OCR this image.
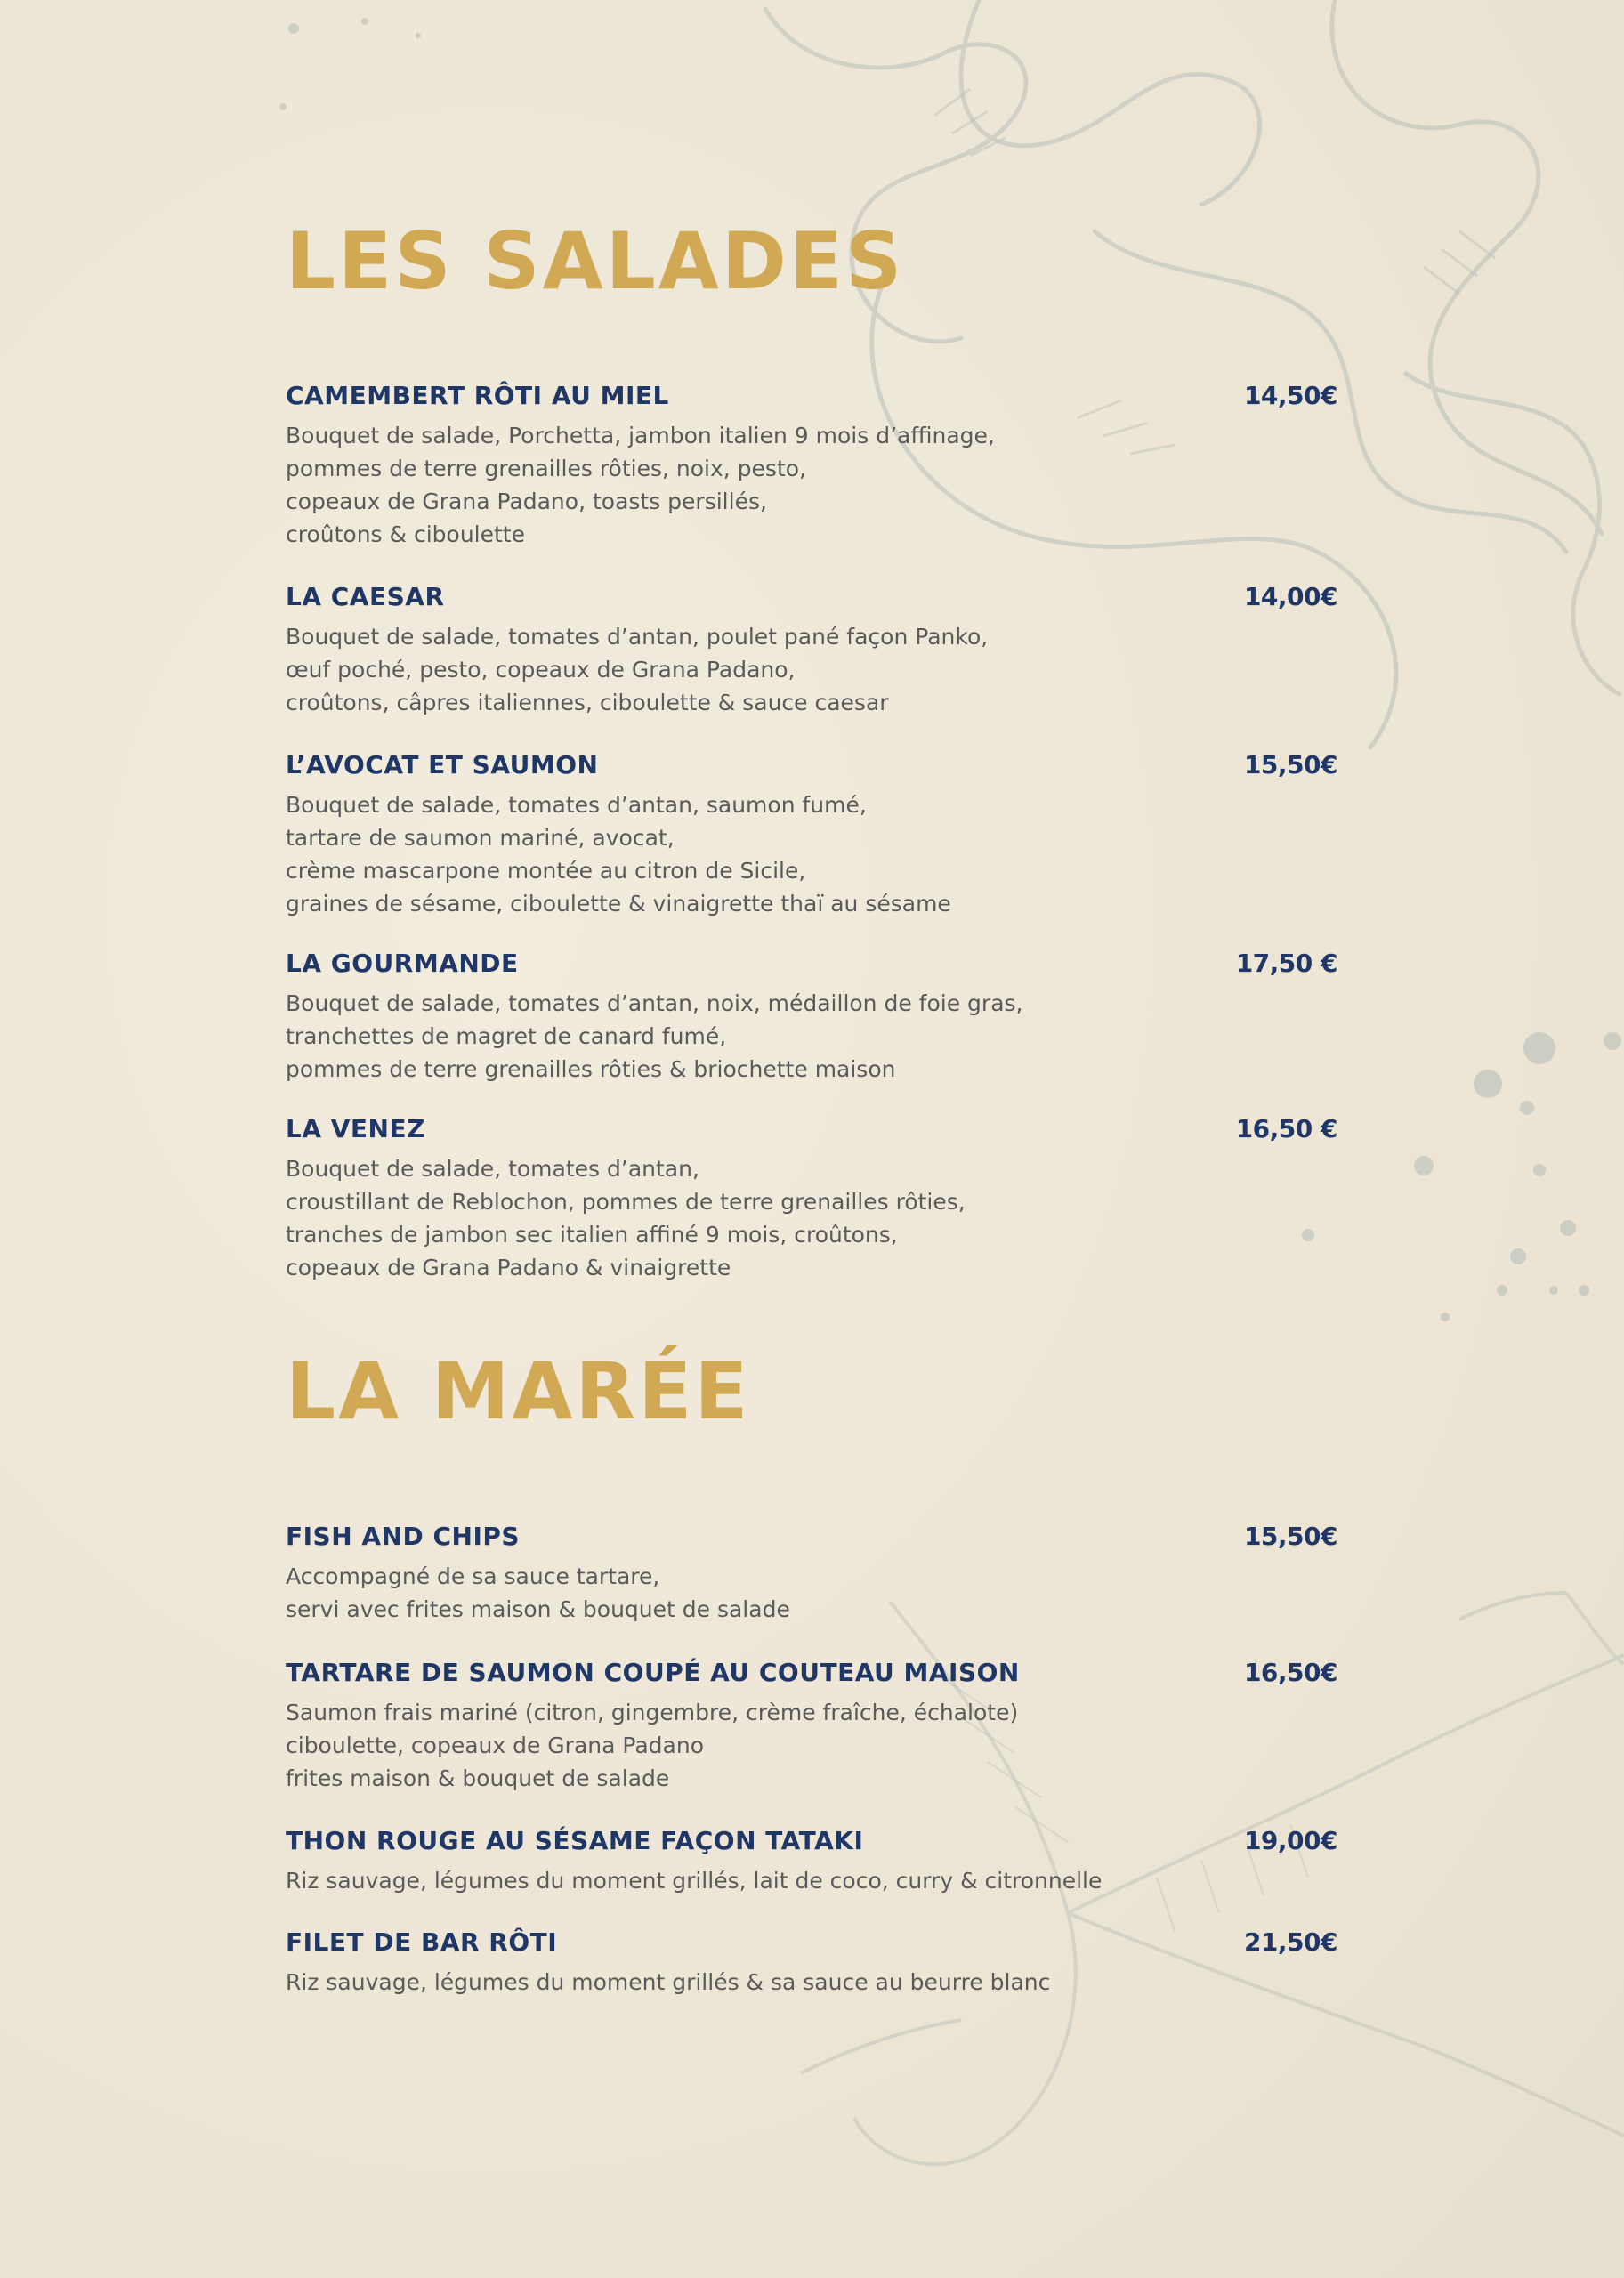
LES SALADES
CAMEMBERT RÔTI AU MIEL	14,50€
Bouquet de salade, Porchetta, jambon italien 9 mois d’affinage,
pommes de terre grenailles rôties, noix, pesto,
copeaux de Grana Padano, toasts persillés,
croûtons & ciboulette
LA CAESAR	14,00€
Bouquet de salade, tomates d’antan, poulet pané façon Panko,
œuf poché, pesto, copeaux de Grana Padano,
croûtons, câpres italiennes, ciboulette & sauce caesar
L’AVOCAT ET SAUMON	15,50€
Bouquet de salade, tomates d’antan, saumon fumé,
tartare de saumon mariné, avocat,
crème mascarpone montée au citron de Sicile,
graines de sésame, ciboulette & vinaigrette thaï au sésame
LA GOURMANDE	17,50 €
Bouquet de salade, tomates d’antan, noix, médaillon de foie gras,
tranchettes de magret de canard fumé,
pommes de terre grenailles rôties & briochette maison
LA VENEZ	16,50 €
Bouquet de salade, tomates d’antan,
croustillant de Reblochon, pommes de terre grenailles rôties,
tranches de jambon sec italien affiné 9 mois, croûtons,
copeaux de Grana Padano & vinaigrette
LA MARÉE
FISH AND CHIPS	15,50€
Accompagné de sa sauce tartare,
servi avec frites maison & bouquet de salade
TARTARE DE SAUMON COUPÉ AU COUTEAU MAISON	16,50€
Saumon frais mariné (citron, gingembre, crème fraîche, échalote)
ciboulette, copeaux de Grana Padano
frites maison & bouquet de salade
THON ROUGE AU SÉSAME FAÇON TATAKI	19,00€
Riz sauvage, légumes du moment grillés, lait de coco, curry & citronnelle
FILET DE BAR RÔTI	21,50€
Riz sauvage, légumes du moment grillés & sa sauce au beurre blanc
